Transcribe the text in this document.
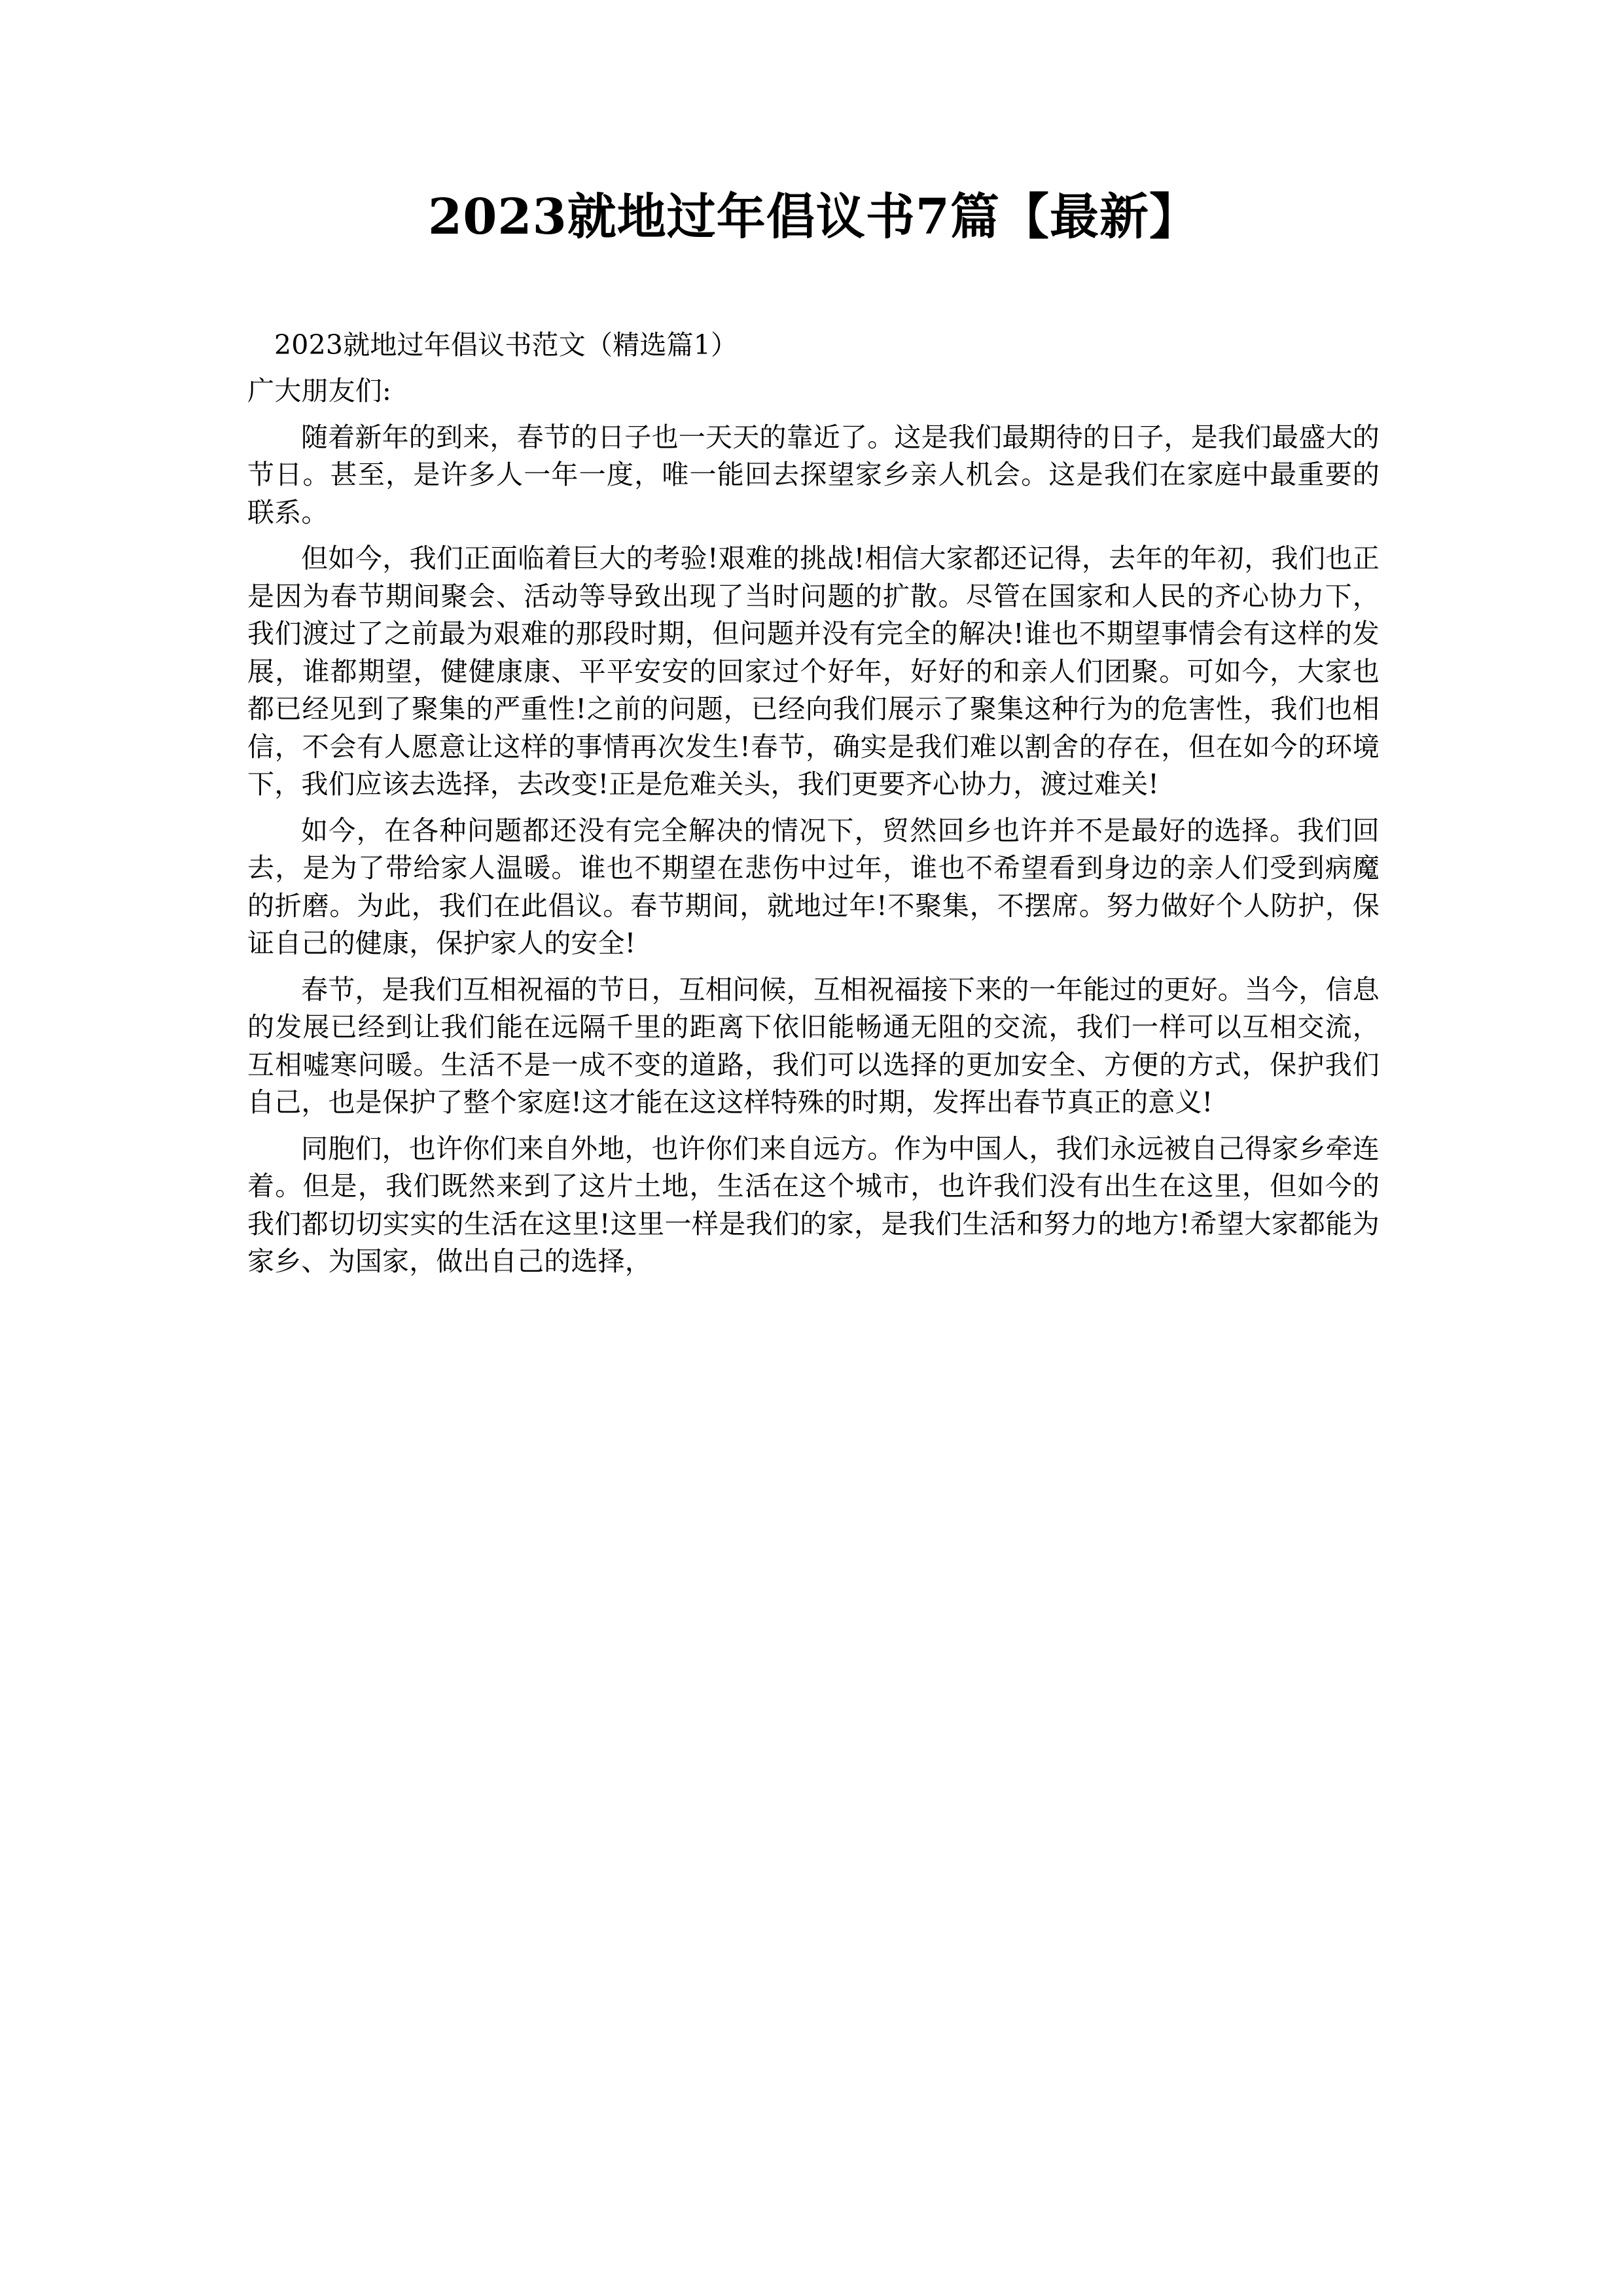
2023就地过年倡议书7篇【最新】

2023就地过年倡议书范文（精选篇1）

广大朋友们:

随着新年的到来，春节的日子也一天天的靠近了。这是我们最期待的日子，是我们最盛大的节日。甚至，是许多人一年一度，唯一能回去探望家乡亲人机会。这是我们在家庭中最重要的联系。

但如今，我们正面临着巨大的考验!艰难的挑战!相信大家都还记得，去年的年初，我们也正是因为春节期间聚会、活动等导致出现了当时问题的扩散。尽管在国家和人民的齐心协力下，我们渡过了之前最为艰难的那段时期，但问题并没有完全的解决!谁也不期望事情会有这样的发展，谁都期望，健健康康、平平安安的回家过个好年，好好的和亲人们团聚。可如今，大家也都已经见到了聚集的严重性!之前的问题，已经向我们展示了聚集这种行为的危害性，我们也相信，不会有人愿意让这样的事情再次发生!春节，确实是我们难以割舍的存在，但在如今的环境下，我们应该去选择，去改变!正是危难关头，我们更要齐心协力，渡过难关!

如今，在各种问题都还没有完全解决的情况下，贸然回乡也许并不是最好的选择。我们回去，是为了带给家人温暖。谁也不期望在悲伤中过年，谁也不希望看到身边的亲人们受到病魔的折磨。为此，我们在此倡议。春节期间，就地过年!不聚集，不摆席。努力做好个人防护，保证自己的健康，保护家人的安全!

春节，是我们互相祝福的节日，互相问候，互相祝福接下来的一年能过的更好。当今，信息的发展已经到让我们能在远隔千里的距离下依旧能畅通无阻的交流，我们一样可以互相交流，互相嘘寒问暖。生活不是一成不变的道路，我们可以选择的更加安全、方便的方式，保护我们自己，也是保护了整个家庭!这才能在这这样特殊的时期，发挥出春节真正的意义!

同胞们，也许你们来自外地，也许你们来自远方。作为中国人，我们永远被自己得家乡牵连着。但是，我们既然来到了这片土地，生活在这个城市，也许我们没有出生在这里，但如今的我们都切切实实的生活在这里!这里一样是我们的家，是我们生活和努力的地方!希望大家都能为家乡、为国家，做出自己的选择，
